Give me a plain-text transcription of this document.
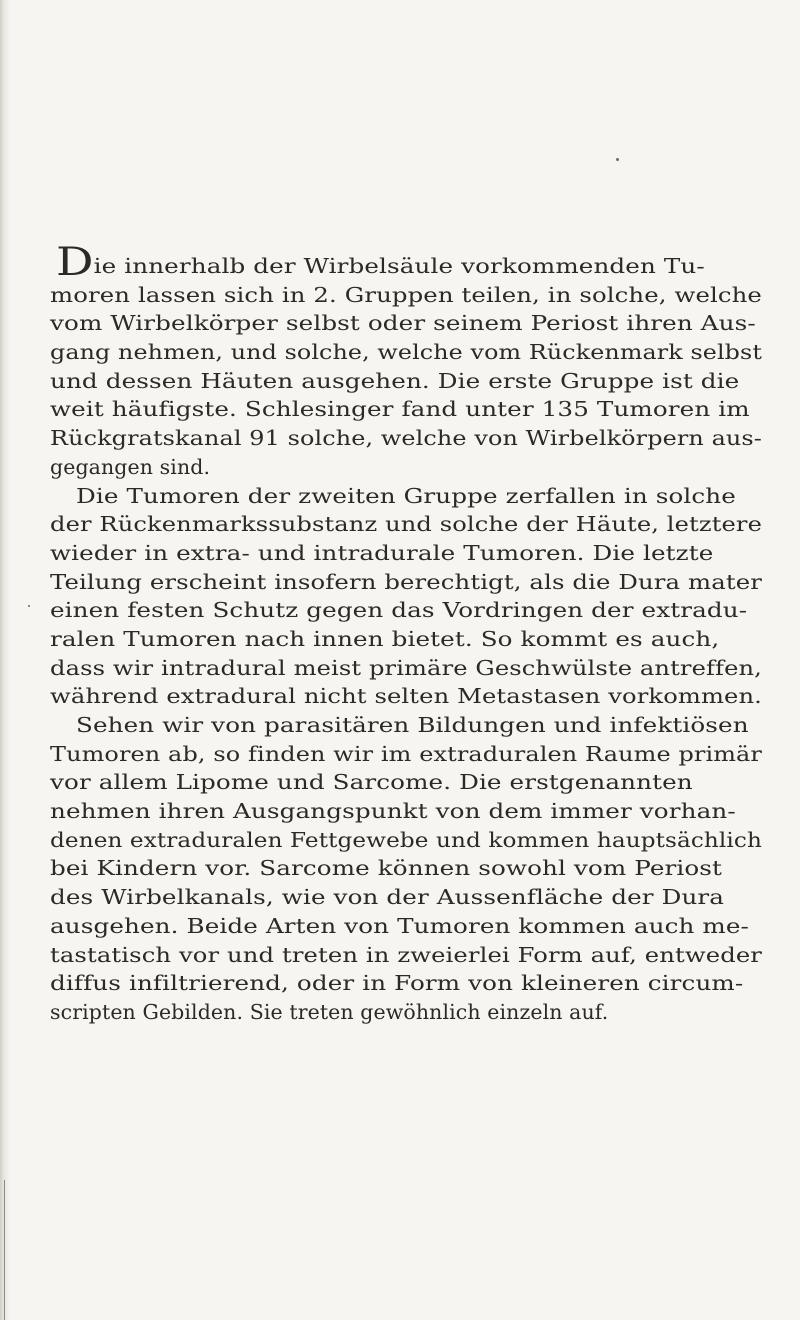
Die innerhalb der Wirbelsäule vorkommenden Tu-
moren lassen sich in 2. Gruppen teilen, in solche, welche
vom Wirbelkörper selbst oder seinem Periost ihren Aus-
gang nehmen, und solche, welche vom Rückenmark selbst
und dessen Häuten ausgehen. Die erste Gruppe ist die
weit häufigste. Schlesinger fand unter 135 Tumoren im
Rückgratskanal 91 solche, welche von Wirbelkörpern aus-
gegangen sind.
Die Tumoren der zweiten Gruppe zerfallen in solche
der Rückenmarkssubstanz und solche der Häute, letztere
wieder in extra- und intradurale Tumoren. Die letzte
Teilung erscheint insofern berechtigt, als die Dura mater
einen festen Schutz gegen das Vordringen der extradu-
ralen Tumoren nach innen bietet. So kommt es auch,
dass wir intradural meist primäre Geschwülste antreffen,
während extradural nicht selten Metastasen vorkommen.
Sehen wir von parasitären Bildungen und infektiösen
Tumoren ab, so finden wir im extraduralen Raume primär
vor allem Lipome und Sarcome. Die erstgenannten
nehmen ihren Ausgangspunkt von dem immer vorhan-
denen extraduralen Fettgewebe und kommen hauptsächlich
bei Kindern vor. Sarcome können sowohl vom Periost
des Wirbelkanals, wie von der Aussenfläche der Dura
ausgehen. Beide Arten von Tumoren kommen auch me-
tastatisch vor und treten in zweierlei Form auf, entweder
diffus infiltrierend, oder in Form von kleineren circum-
scripten Gebilden. Sie treten gewöhnlich einzeln auf.
